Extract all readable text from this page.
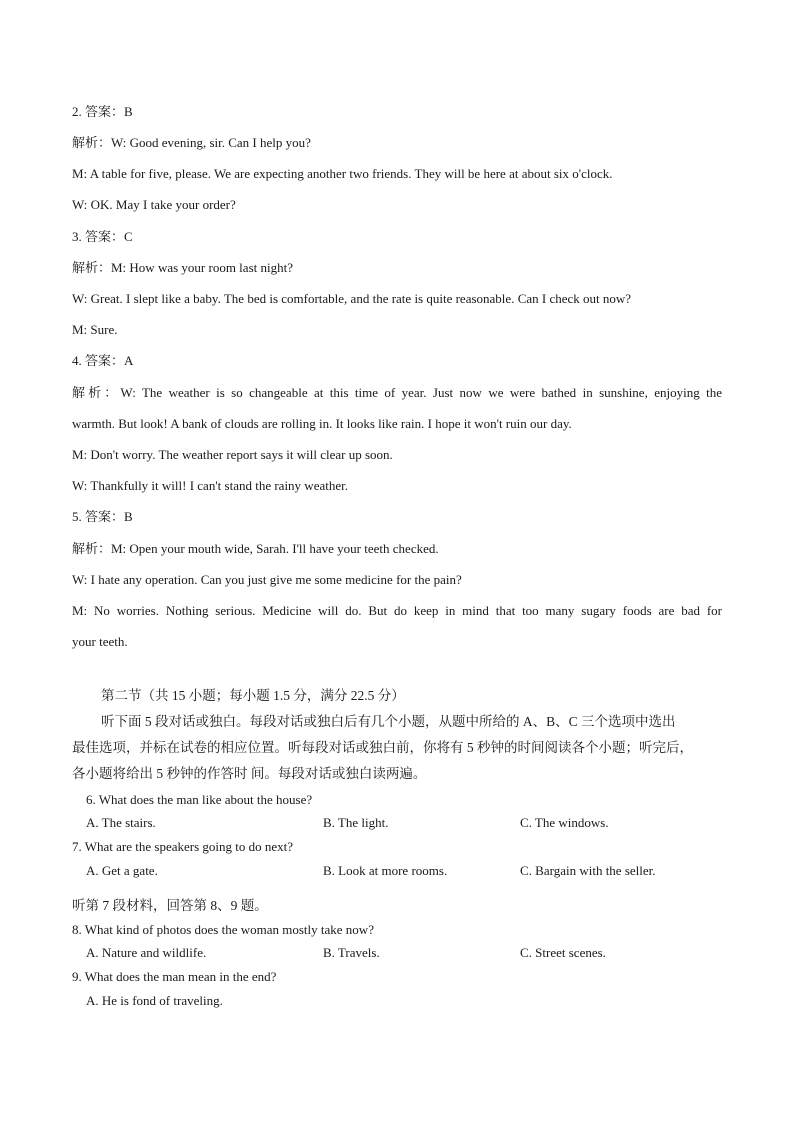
2. 答案：B
解析：W: Good evening, sir. Can I help you?
M: A table for five, please. We are expecting another two friends. They will be here at about six o'clock.
W: OK. May I take your order?
3. 答案：C
解析：M: How was your room last night?
W: Great. I slept like a baby. The bed is comfortable, and the rate is quite reasonable. Can I check out now?
M: Sure.
4. 答案：A
解析：W: The weather is so changeable at this time of year. Just now we were bathed in sunshine, enjoying the
warmth. But look! A bank of clouds are rolling in. It looks like rain. I hope it won't ruin our day.
M: Don't worry. The weather report says it will clear up soon.
W: Thankfully it will! I can't stand the rainy weather.
5. 答案：B
解析：M: Open your mouth wide, Sarah. I'll have your teeth checked.
W: I hate any operation. Can you just give me some medicine for the pain?
M: No worries. Nothing serious. Medicine will do. But do keep in mind that too many sugary foods are bad for
your teeth.
第二节（共 15 小题；每小题 1.5 分，满分 22.5 分）
听下面 5 段对话或独白。每段对话或独白后有几个小题，从题中所给的 A、B、C 三个选项中选出
最佳选项，并标在试卷的相应位置。听每段对话或独白前，你将有 5 秒钟的时间阅读各个小题；听完后，
各小题将给出 5 秒钟的作答时 间。每段对话或独白读两遍。
6. What does the man like about the house?
A. The stairs.	B. The light.	C. The windows.
7. What are the speakers going to do next?
A. Get a gate.	B. Look at more rooms.	C. Bargain with the seller.
听第 7 段材料，回答第 8、9 题。
8. What kind of photos does the woman mostly take now?
A. Nature and wildlife.	B. Travels.	C. Street scenes.
9. What does the man mean in the end?
A. He is fond of traveling.
